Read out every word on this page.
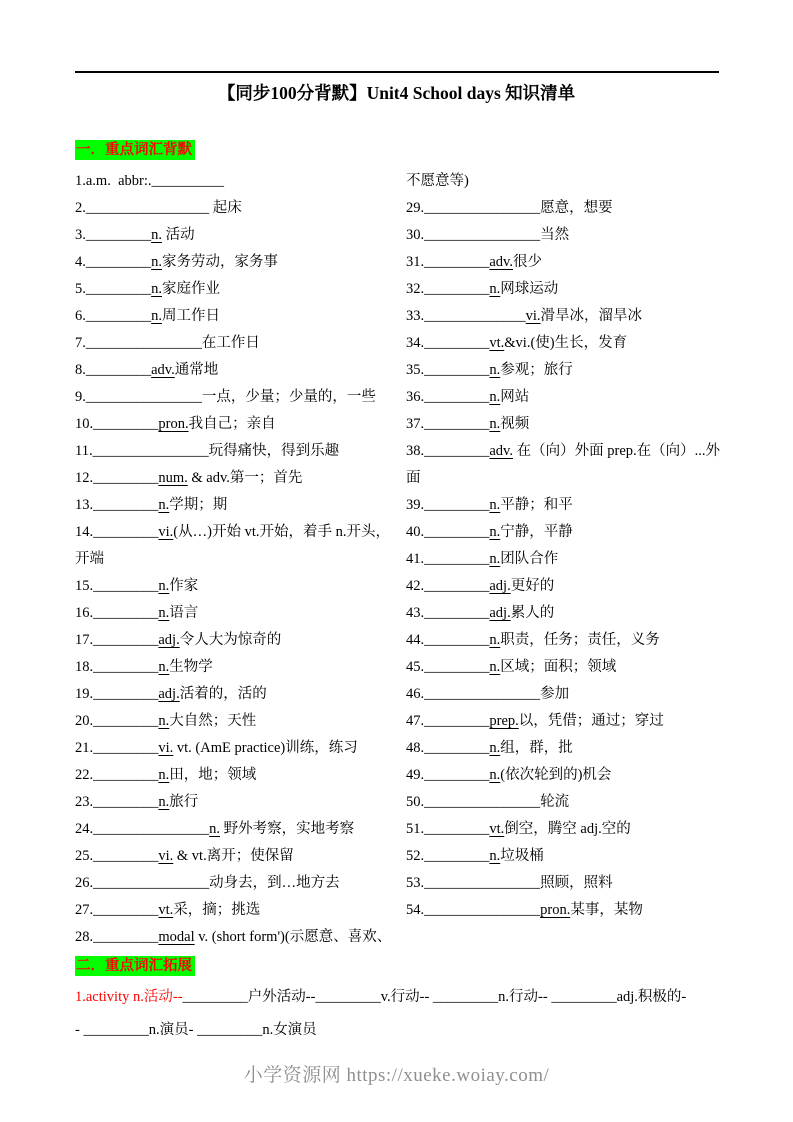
【同步100分背默】Unit4 School days 知识清单
一．重点词汇背默
1.a.m.  abbr:.__________
2._________________ 起床
3._________n. 活动
4._________n.家务劳动，家务事
5._________n.家庭作业
6._________n.周工作日
7.________________在工作日
8._________adv.通常地
9.________________一点，少量；少量的，一些
10._________pron.我自己；亲自
11.________________玩得痛快，得到乐趣
12._________num. & adv.第一；首先
13._________n.学期；期
14._________vi.(从…)开始 vt.开始，着手 n.开头，开端
15._________n.作家
16._________n.语言
17._________adj.令人大为惊奇的
18._________n.生物学
19._________adj.活着的，活的
20._________n.大自然；天性
21._________vi. vt. (AmE practice)训练，练习
22._________n.田，地；领域
23._________n.旅行
24.________________n. 野外考察，实地考察
25._________vi. & vt.离开；使保留
26.________________动身去，到…地方去
27._________vt.采，摘；挑选
28._________modal v. (short form')(示愿意、喜欢、
不愿意等)
29.________________愿意，想要
30.________________当然
31._________adv.很少
32._________n.网球运动
33.______________vi.滑旱冰，溜旱冰
34._________vt.&vi.(使)生长，发育
35._________n.参观；旅行
36._________n.网站
37._________n.视频
38._________adv. 在（向）外面 prep.在（向）...外面
39._________n.平静；和平
40._________n.宁静，平静
41._________n.团队合作
42._________adj.更好的
43._________adj.累人的
44._________n.职责，任务；责任，义务
45._________n.区域；面积；领域
46.________________参加
47._________prep.以，凭借；通过；穿过
48._________n.组，群，批
49._________n.(依次轮到的)机会
50.________________轮流
51._________vt.倒空，腾空 adj.空的
52._________n.垃圾桶
53.________________照顾，照料
54.________________pron.某事，某物
二．重点词汇拓展
1.activity n.活动--_________户外活动--_________v.行动-- _________n.行动-- _________adj.积极的-
- _________n.演员- _________n.女演员
小学资源网 https://xueke.woiay.com/
